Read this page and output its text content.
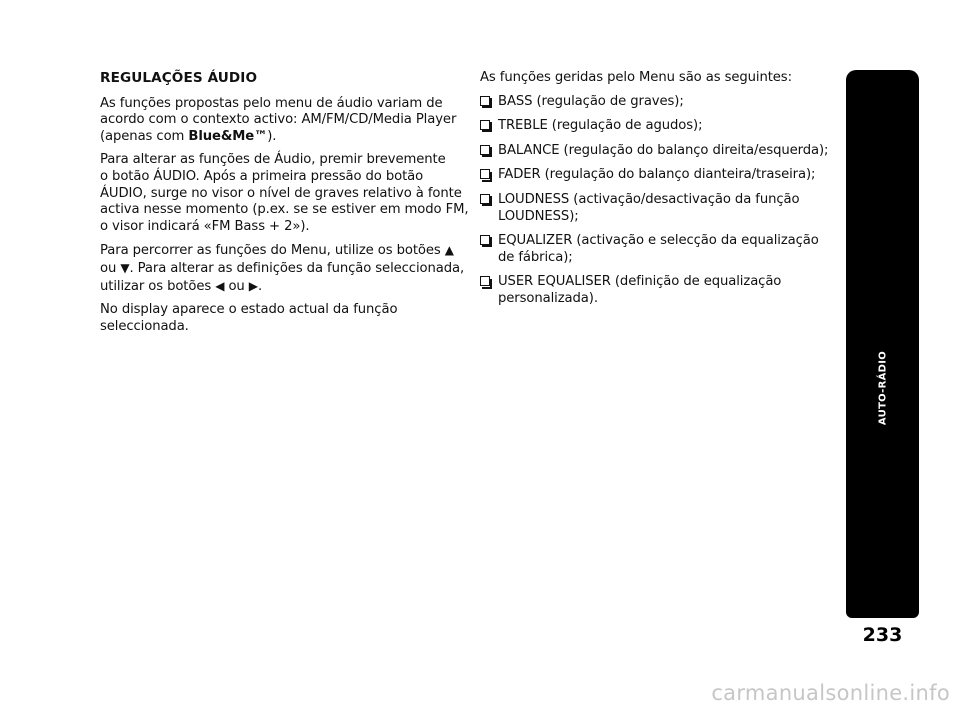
REGULAÇÕES ÁUDIO
As funções propostas pelo menu de áudio variam de
acordo com o contexto activo: AM/FM/CD/Media Player
(apenas com Blue&Me™).
Para alterar as funções de Áudio, premir brevemente
o botão ÁUDIO. Após a primeira pressão do botão
ÁUDIO, surge no visor o nível de graves relativo à fonte
activa nesse momento (p.ex. se se estiver em modo FM,
o visor indicará «FM Bass + 2»).
Para percorrer as funções do Menu, utilize os botões ▲
ou ▼. Para alterar as definições da função seleccionada,
utilizar os botões ◀ ou ▶.
No display aparece o estado actual da função
seleccionada.
As funções geridas pelo Menu são as seguintes:
BASS (regulação de graves);
TREBLE (regulação de agudos);
BALANCE (regulação do balanço direita/esquerda);
FADER (regulação do balanço dianteira/traseira);
LOUDNESS (activação/desactivação da função
LOUDNESS);
EQUALIZER (activação e selecção da equalização
de fábrica);
USER EQUALISER (definição de equalização
personalizada).
AUTO-RÁDIO
233
carmanualsonline.info
